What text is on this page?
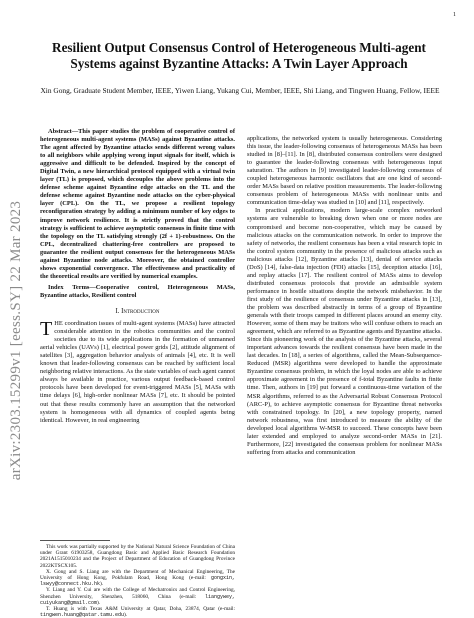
1
arXiv:2303.15299v1 [eess.SY] 22 Mar 2023
Resilient Output Consensus Control of Heterogeneous Multi-agent Systems against Byzantine Attacks: A Twin Layer Approach
Xin Gong, Graduate Student Member, IEEE, Yiwen Liang, Yukang Cui, Member, IEEE, Shi Liang, and Tingwen Huang, Fellow, IEEE

Abstract—This paper studies the problem of cooperative control of heterogeneous multi-agent systems (MASs) against Byzantine attacks. The agent affected by Byzantine attacks sends different wrong values to all neighbors while applying wrong input signals for itself, which is aggressive and difficult to be defended. Inspired by the concept of Digital Twin, a new hierarchical protocol equipped with a virtual twin layer (TL) is proposed, which decouples the above problems into the defense scheme against Byzantine edge attacks on the TL and the defense scheme against Byzantine node attacks on the cyber-physical layer (CPL). On the TL, we propose a resilient topology reconfiguration strategy by adding a minimum number of key edges to improve network resilience. It is strictly proved that the control strategy is sufficient to achieve asymptotic consensus in finite time with the topology on the TL satisfying strongly (2f + 1)-robustness. On the CPL, decentralized chattering-free controllers are proposed to guarantee the resilient output consensus for the heterogeneous MASs against Byzantine node attacks. Moreover, the obtained controller shows exponential convergence. The effectiveness and practicality of the theoretical results are verified by numerical examples.

Index Terms—Cooperative control, Heterogeneous MASs, Byzantine attacks, Resilient control

I. Introduction

THE coordination issues of multi-agent systems (MASs) have attracted considerable attention in the robotics communities and the control societies due to its wide applications in the formation of unmanned aerial vehicles (UAVs) [1], electrical power grids [2], attitude alignment of satellites [3], aggregation behavior analysis of animals [4], etc. It is well known that leader-following consensus can be reached by sufficient local neighboring relative interactions. As the state variables of each agent cannot always be available in practice, various output feedback-based control protocols have been developed for event-triggered MASs [5], MASs with time delays [6], high-order nonlinear MASs [7], etc. It should be pointed out that these results commonly have an assumption that the networked system is homogeneous with all dynamics of coupled agents being identical. However, in real engineering

applications, the networked system is usually heterogeneous. Considering this issue, the leader-following consensus of heterogeneous MASs has been studied in [8]–[11]. In [8], distributed consensus controllers were designed to guarantee the leader-following consensus with heterogeneous input saturation. The authors in [9] investigated leader-following consensus of coupled heterogeneous harmonic oscillators that are one kind of second-order MASs based on relative position measurements. The leader-following consensus problem of heterogeneous MASs with nonlinear units and communication time-delay was studied in [10] and [11], respectively.

In practical applications, modern large-scale complex networked systems are vulnerable to breaking down when one or more nodes are compromised and become non-cooperative, which may be caused by malicious attacks on the communication network. In order to improve the safety of networks, the resilient consensus has been a vital research topic in the control system community in the presence of malicious attacks such as malicious attacks [12], Byzantine attacks [13], denial of service attacks (DoS) [14], false-data injection (FDI) attacks [15], deception attacks [16], and replay attacks [17]. The resilient control of MASs aims to develop distributed consensus protocols that provide an admissible system performance in hostile situations despite the network misbehavior. In the first study of the resilience of consensus under Byzantine attacks in [13], the problem was described abstractly in terms of a group of Byzantine generals with their troops camped in different places around an enemy city. However, some of them may be traitors who will confuse others to reach an agreement, which are referred to as Byzantine agents and Byzantine attacks. Since this pioneering work of the analysis of the Byzantine attacks, several important advances towards the resilient consensus have been made in the last decades. In [18], a series of algorithms, called the Mean-Subsequence-Reduced (MSR) algorithms were developed to handle the approximate Byzantine consensus problem, in which the loyal nodes are able to achieve approximate agreement in the presence of f-total Byzantine faults in finite time. Then, authors in [19] put forward a continuous-time variation of the MSR algorithms, referred to as the Adversarial Robust Consensus Protocol (ARC-P), to achieve asymptotic consensus for Byzantine threat networks with constrained topology. In [20], a new topology property, named network robustness, was first introduced to measure the ability of the developed local algorithms W-MSR to succeed. These concepts have been later extended and employed to analyze second-order MASs in [21]. Furthermore, [22] investigated the consensus problem for nonlinear MASs suffering from attacks and communication

This work was partially supported by the National Natural Science Foundation of China under Grant 61903258, Guangdong Basic and Applied Basic Research Foundation 2021A1515010234 and the Project of Department of Education of Guangdong Province 2022KTSCX105.

X. Gong and S. Liang are with the Department of Mechanical Engineering, The University of Hong Kong, Pokfulam Road, Hong Kong (e-mail: gongxin, lswyy@connect.hku.hk).

Y. Liang and Y. Cui are with the College of Mechatronics and Control Engineering, Shenzhen University, Shenzhen, 518060, China (e-mail: liangywey, cuiyukang@gmail.com).

T. Huang is with Texas A&M University at Qatar, Doha, 23874, Qatar (e-mail: tingwen.huang@qatar.tamu.edu).
